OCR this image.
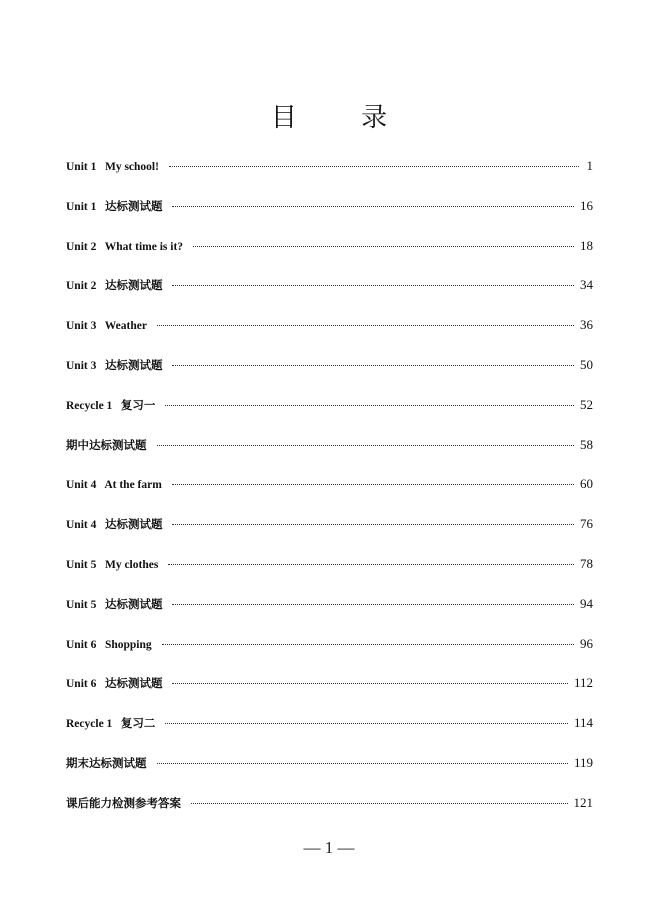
目 录
Unit 1   My school!	1
Unit 1   达标测试题	16
Unit 2   What time is it?	18
Unit 2   达标测试题	34
Unit 3   Weather	36
Unit 3   达标测试题	50
Recycle 1   复习一	52
期中达标测试题	58
Unit 4   At the farm	60
Unit 4   达标测试题	76
Unit 5   My clothes	78
Unit 5   达标测试题	94
Unit 6   Shopping	96
Unit 6   达标测试题	112
Recycle 1   复习二	114
期末达标测试题	119
课后能力检测参考答案	121
— 1 —
